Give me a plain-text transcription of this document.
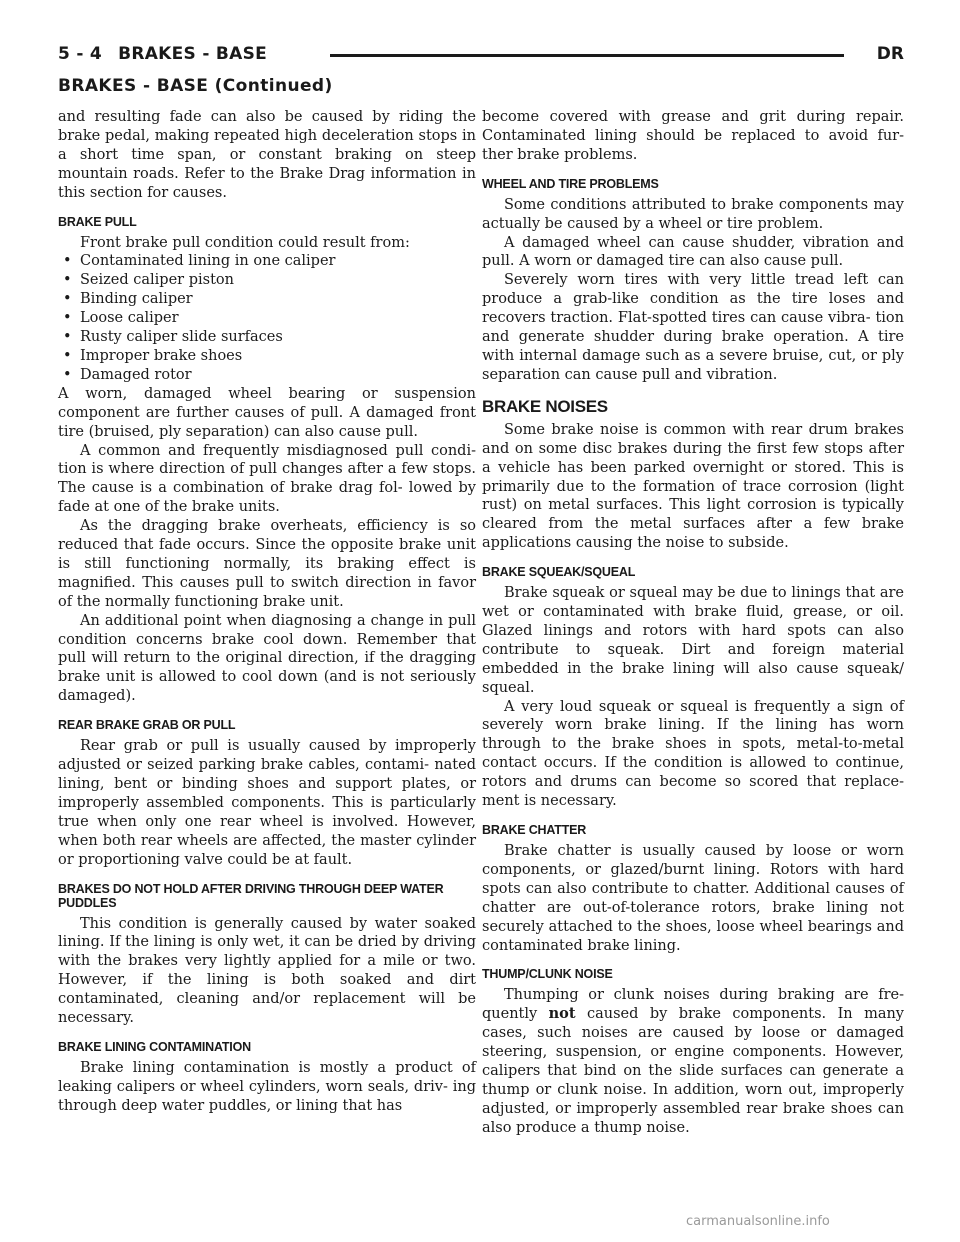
5 - 4 BRAKES - BASE	DR
BRAKES - BASE (Continued)

and resulting fade can also be caused by riding the brake pedal, making repeated high deceleration stops in a short time span, or constant braking on steep mountain roads. Refer to the Brake Drag information in this section for causes.

BRAKE PULL

Front brake pull condition could result from:

• Contaminated lining in one caliper
• Seized caliper piston
• Binding caliper
• Loose caliper
• Rusty caliper slide surfaces
• Improper brake shoes
• Damaged rotor

A worn, damaged wheel bearing or suspension component are further causes of pull. A damaged front tire (bruised, ply separation) can also cause pull.

A common and frequently misdiagnosed pull condi- tion is where direction of pull changes after a few stops. The cause is a combination of brake drag fol- lowed by fade at one of the brake units.

As the dragging brake overheats, efficiency is so reduced that fade occurs. Since the opposite brake unit is still functioning normally, its braking effect is magnified. This causes pull to switch direction in favor of the normally functioning brake unit.

An additional point when diagnosing a change in pull condition concerns brake cool down. Remember that pull will return to the original direction, if the dragging brake unit is allowed to cool down (and is not seriously damaged).

REAR BRAKE GRAB OR PULL

Rear grab or pull is usually caused by improperly adjusted or seized parking brake cables, contami- nated lining, bent or binding shoes and support plates, or improperly assembled components. This is particularly true when only one rear wheel is involved. However, when both rear wheels are affected, the master cylinder or proportioning valve could be at fault.

BRAKES DO NOT HOLD AFTER DRIVING THROUGH DEEP WATER PUDDLES

This condition is generally caused by water soaked lining. If the lining is only wet, it can be dried by driving with the brakes very lightly applied for a mile or two. However, if the lining is both soaked and dirt contaminated, cleaning and/or replacement will be necessary.

BRAKE LINING CONTAMINATION

Brake lining contamination is mostly a product of leaking calipers or wheel cylinders, worn seals, driv- ing through deep water puddles, or lining that has

become covered with grease and grit during repair. Contaminated lining should be replaced to avoid fur- ther brake problems.

WHEEL AND TIRE PROBLEMS

Some conditions attributed to brake components may actually be caused by a wheel or tire problem.

A damaged wheel can cause shudder, vibration and pull. A worn or damaged tire can also cause pull.

Severely worn tires with very little tread left can produce a grab-like condition as the tire loses and recovers traction. Flat-spotted tires can cause vibra- tion and generate shudder during brake operation. A tire with internal damage such as a severe bruise, cut, or ply separation can cause pull and vibration.

BRAKE NOISES

Some brake noise is common with rear drum brakes and on some disc brakes during the first few stops after a vehicle has been parked overnight or stored. This is primarily due to the formation of trace corrosion (light rust) on metal surfaces. This light corrosion is typically cleared from the metal surfaces after a few brake applications causing the noise to subside.

BRAKE SQUEAK/SQUEAL

Brake squeak or squeal may be due to linings that are wet or contaminated with brake fluid, grease, or oil. Glazed linings and rotors with hard spots can also contribute to squeak. Dirt and foreign material embedded in the brake lining will also cause squeak/ squeal.

A very loud squeak or squeal is frequently a sign of severely worn brake lining. If the lining has worn through to the brake shoes in spots, metal-to-metal contact occurs. If the condition is allowed to continue, rotors and drums can become so scored that replace- ment is necessary.

BRAKE CHATTER

Brake chatter is usually caused by loose or worn components, or glazed/burnt lining. Rotors with hard spots can also contribute to chatter. Additional causes of chatter are out-of-tolerance rotors, brake lining not securely attached to the shoes, loose wheel bearings and contaminated brake lining.

THUMP/CLUNK NOISE

Thumping or clunk noises during braking are fre- quently not caused by brake components. In many cases, such noises are caused by loose or damaged steering, suspension, or engine components. However, calipers that bind on the slide surfaces can generate a thump or clunk noise. In addition, worn out, improperly adjusted, or improperly assembled rear brake shoes can also produce a thump noise.

carmanualsonline.info
